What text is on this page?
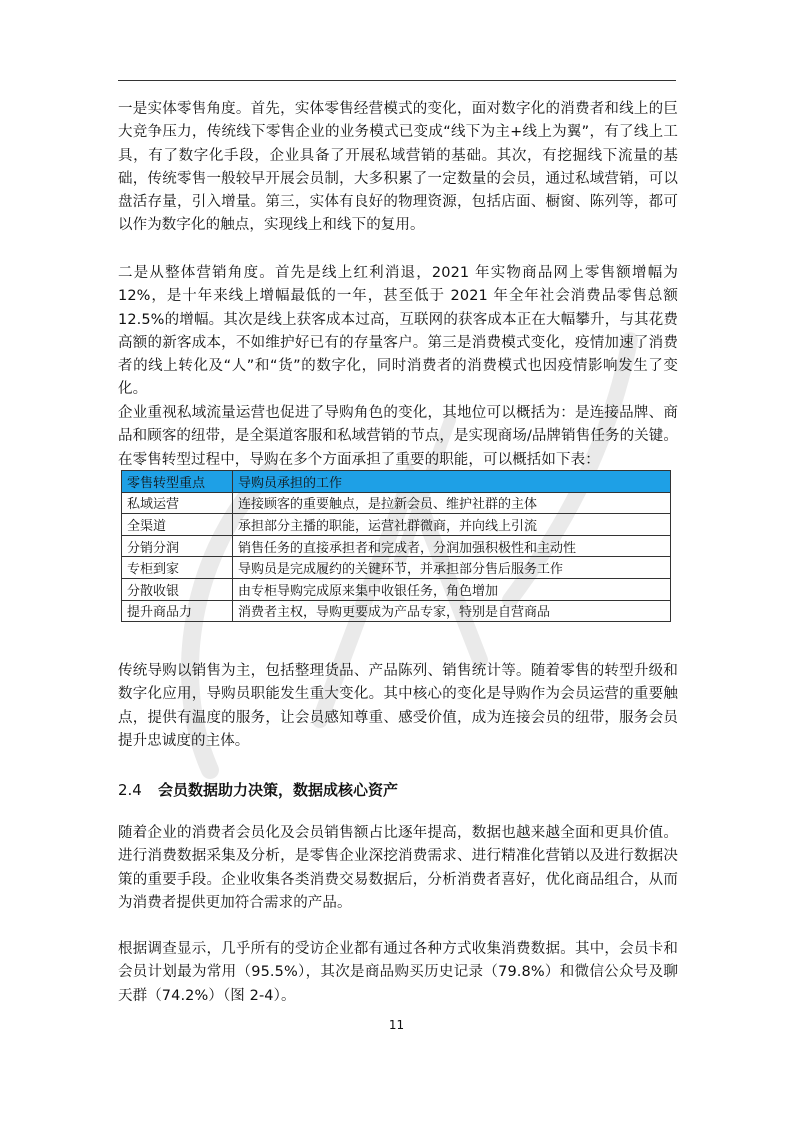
一是实体零售角度。首先，实体零售经营模式的变化，面对数字化的消费者和线上的巨大竞争压力，传统线下零售企业的业务模式已变成“线下为主+线上为翼”，有了线上工具，有了数字化手段，企业具备了开展私域营销的基础。其次，有挖掘线下流量的基础，传统零售一般较早开展会员制，大多积累了一定数量的会员，通过私域营销，可以盘活存量，引入增量。第三，实体有良好的物理资源，包括店面、橱窗、陈列等，都可以作为数字化的触点，实现线上和线下的复用。

二是从整体营销角度。首先是线上红利消退，2021 年实物商品网上零售额增幅为 12%，是十年来线上增幅最低的一年，甚至低于 2021 年全年社会消费品零售总额 12.5%的增幅。其次是线上获客成本过高，互联网的获客成本正在大幅攀升，与其花费高额的新客成本，不如维护好已有的存量客户。第三是消费模式变化，疫情加速了消费者的线上转化及“人”和“货”的数字化，同时消费者的消费模式也因疫情影响发生了变化。

企业重视私域流量运营也促进了导购角色的变化，其地位可以概括为：是连接品牌、商品和顾客的纽带，是全渠道客服和私域营销的节点，是实现商场/品牌销售任务的关键。在零售转型过程中，导购在多个方面承担了重要的职能，可以概括如下表：

零售转型重点	导购员承担的工作
私域运营	连接顾客的重要触点，是拉新会员、维护社群的主体
全渠道	承担部分主播的职能，运营社群微商，并向线上引流
分销分润	销售任务的直接承担者和完成者，分润加强积极性和主动性
专柜到家	导购员是完成履约的关键环节，并承担部分售后服务工作
分散收银	由专柜导购完成原来集中收银任务，角色增加
提升商品力	消费者主权，导购更要成为产品专家，特别是自营商品

传统导购以销售为主，包括整理货品、产品陈列、销售统计等。随着零售的转型升级和数字化应用，导购员职能发生重大变化。其中核心的变化是导购作为会员运营的重要触点，提供有温度的服务，让会员感知尊重、感受价值，成为连接会员的纽带，服务会员提升忠诚度的主体。

2.4 会员数据助力决策，数据成核心资产

随着企业的消费者会员化及会员销售额占比逐年提高，数据也越来越全面和更具价值。进行消费数据采集及分析，是零售企业深挖消费需求、进行精准化营销以及进行数据决策的重要手段。企业收集各类消费交易数据后，分析消费者喜好，优化商品组合，从而为消费者提供更加符合需求的产品。

根据调查显示，几乎所有的受访企业都有通过各种方式收集消费数据。其中，会员卡和会员计划最为常用（95.5%），其次是商品购买历史记录（79.8%）和微信公众号及聊天群（74.2%）（图 2-4）。

11
